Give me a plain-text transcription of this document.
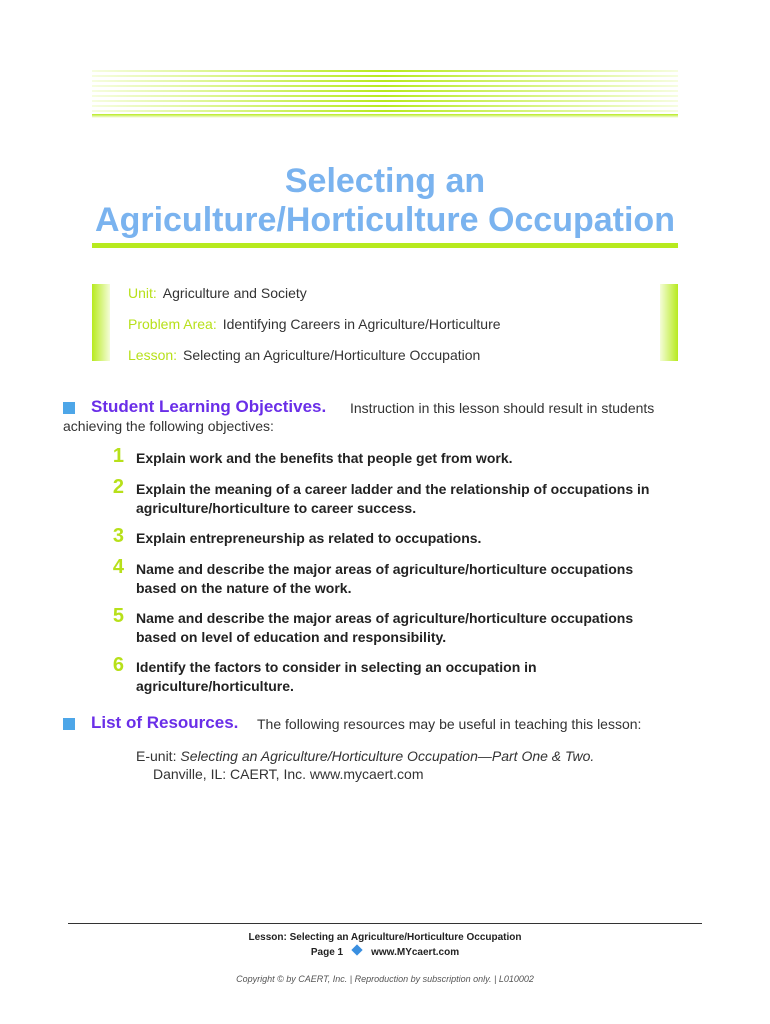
Selecting an
Agriculture/Horticulture Occupation
Unit: Agriculture and Society
Problem Area: Identifying Careers in Agriculture/Horticulture
Lesson: Selecting an Agriculture/Horticulture Occupation
Student Learning Objectives. Instruction in this lesson should result in students
achieving the following objectives:
1 Explain work and the benefits that people get from work.
2 Explain the meaning of a career ladder and the relationship of occupations in
agriculture/horticulture to career success.
3 Explain entrepreneurship as related to occupations.
4 Name and describe the major areas of agriculture/horticulture occupations
based on the nature of the work.
5 Name and describe the major areas of agriculture/horticulture occupations
based on level of education and responsibility.
6 Identify the factors to consider in selecting an occupation in
agriculture/horticulture.
List of Resources. The following resources may be useful in teaching this lesson:
E-unit: Selecting an Agriculture/Horticulture Occupation—Part One & Two.
Danville, IL: CAERT, Inc. www.mycaert.com
Lesson: Selecting an Agriculture/Horticulture Occupation
Page 1	www.MYcaert.com
Copyright © by CAERT, Inc. | Reproduction by subscription only. | L010002
